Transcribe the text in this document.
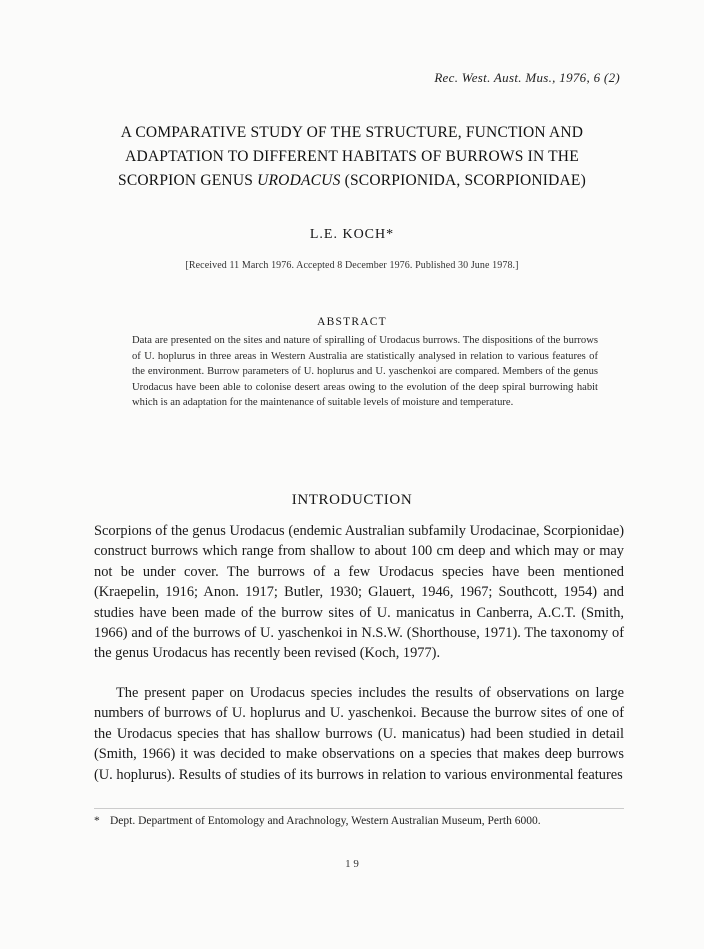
Rec. West. Aust. Mus., 1976, 6 (2)
A COMPARATIVE STUDY OF THE STRUCTURE, FUNCTION AND
ADAPTATION TO DIFFERENT HABITATS OF BURROWS IN THE
SCORPION GENUS URODACUS (SCORPIONIDA, SCORPIONIDAE)
L.E. KOCH*
[Received 11 March 1976. Accepted 8 December 1976. Published 30 June 1978.]
ABSTRACT
Data are presented on the sites and nature of spiralling of Urodacus burrows. The dispositions of the burrows of U. hoplurus in three areas in Western Australia are statistically analysed in relation to various features of the environment. Burrow parameters of U. hoplurus and U. yaschenkoi are compared. Members of the genus Urodacus have been able to colonise desert areas owing to the evolution of the deep spiral burrowing habit which is an adaptation for the maintenance of suitable levels of moisture and temperature.
INTRODUCTION
Scorpions of the genus Urodacus (endemic Australian subfamily Urodacinae, Scorpionidae) construct burrows which range from shallow to about 100 cm deep and which may or may not be under cover. The burrows of a few Urodacus species have been mentioned (Kraepelin, 1916; Anon. 1917; Butler, 1930; Glauert, 1946, 1967; Southcott, 1954) and studies have been made of the burrow sites of U. manicatus in Canberra, A.C.T. (Smith, 1966) and of the burrows of U. yaschenkoi in N.S.W. (Shorthouse, 1971). The taxonomy of the genus Urodacus has recently been revised (Koch, 1977).
The present paper on Urodacus species includes the results of observations on large numbers of burrows of U. hoplurus and U. yaschenkoi. Because the burrow sites of one of the Urodacus species that has shallow burrows (U. manicatus) had been studied in detail (Smith, 1966) it was decided to make observations on a species that makes deep burrows (U. hoplurus). Results of studies of its burrows in relation to various environmental features
* Dept. Department of Entomology and Arachnology, Western Australian Museum, Perth 6000.
1 9
